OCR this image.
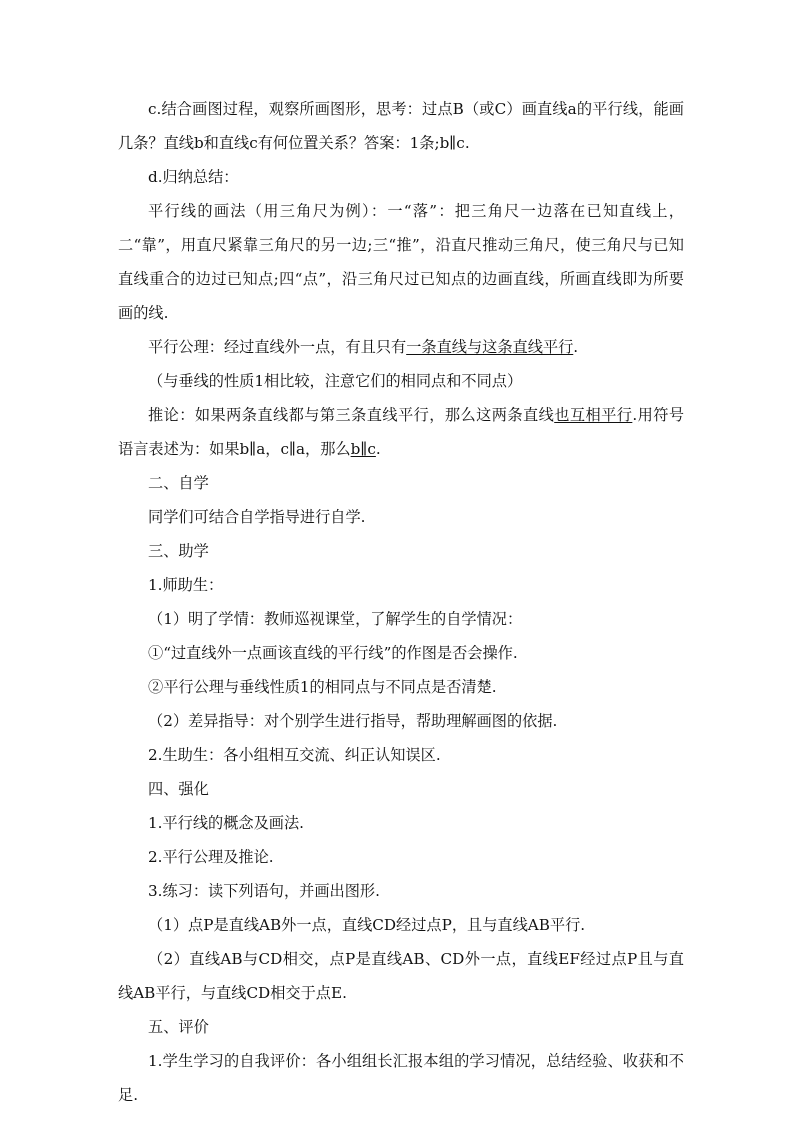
c.结合画图过程，观察所画图形，思考：过点B（或C）画直线a的平行线，能画几条？直线b和直线c有何位置关系？答案：1条;b∥c.

d.归纳总结：

平行线的画法（用三角尺为例）：一“落”：把三角尺一边落在已知直线上，二“靠”，用直尺紧靠三角尺的另一边;三“推”，沿直尺推动三角尺，使三角尺与已知直线重合的边过已知点;四“点”，沿三角尺过已知点的边画直线，所画直线即为所要画的线.

平行公理：经过直线外一点，有且只有一条直线与这条直线平行.

（与垂线的性质1相比较，注意它们的相同点和不同点）

推论：如果两条直线都与第三条直线平行，那么这两条直线也互相平行.用符号语言表述为：如果b∥a，c∥a，那么b∥c.

二、自学

同学们可结合自学指导进行自学.

三、助学

1.师助生：

（1）明了学情：教师巡视课堂，了解学生的自学情况：

①“过直线外一点画该直线的平行线”的作图是否会操作.

②平行公理与垂线性质1的相同点与不同点是否清楚.

（2）差异指导：对个别学生进行指导，帮助理解画图的依据.

2.生助生：各小组相互交流、纠正认知误区.

四、强化

1.平行线的概念及画法.

2.平行公理及推论.

3.练习：读下列语句，并画出图形.

（1）点P是直线AB外一点，直线CD经过点P，且与直线AB平行.

（2）直线AB与CD相交，点P是直线AB、CD外一点，直线EF经过点P且与直线AB平行，与直线CD相交于点E.

五、评价

1.学生学习的自我评价：各小组组长汇报本组的学习情况，总结经验、收获和不足.
